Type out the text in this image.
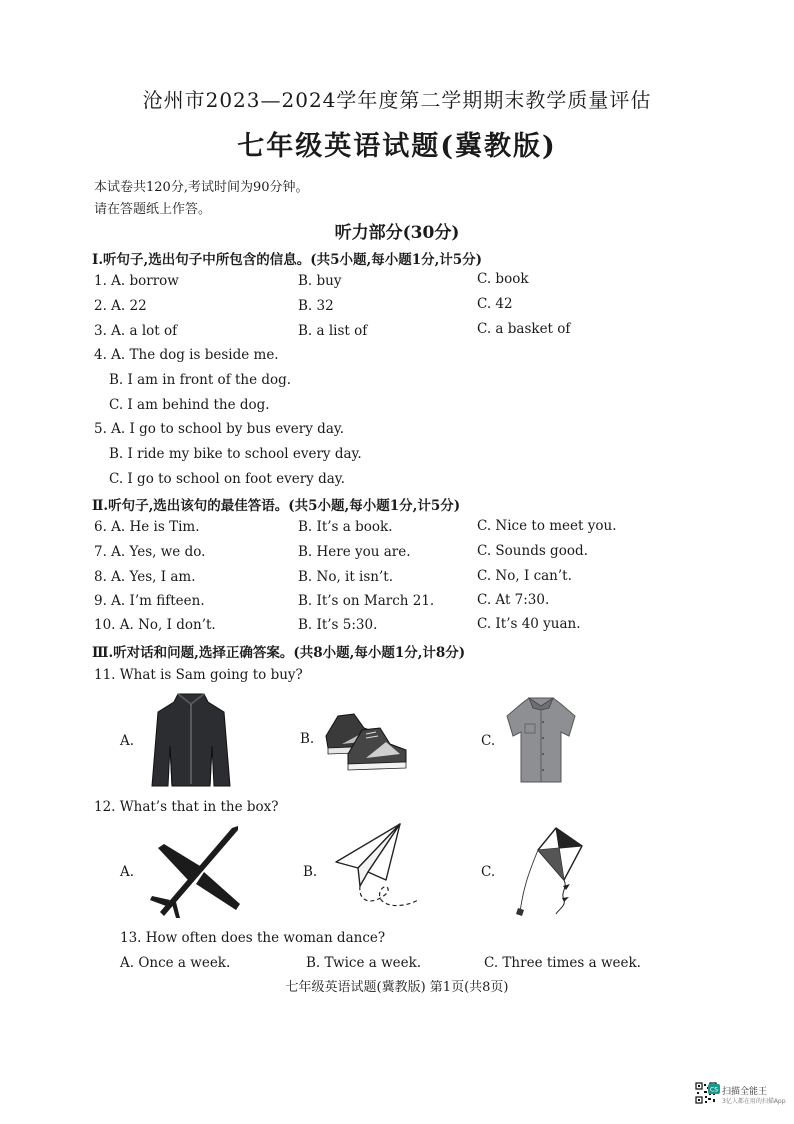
沧州市2023—2024学年度第二学期期末教学质量评估
七年级英语试题(冀教版)
本试卷共120分,考试时间为90分钟。
请在答题纸上作答。
听力部分(30分)
Ⅰ.听句子,选出句子中所包含的信息。(共5小题,每小题1分,计5分)
1. A. borrow	B. buy	C. book
2. A. 22	B. 32	C. 42
3. A. a lot of	B. a list of	C. a basket of
4. A. The dog is beside me.
B. I am in front of the dog.
C. I am behind the dog.
5. A. I go to school by bus every day.
B. I ride my bike to school every day.
C. I go to school on foot every day.
Ⅱ.听句子,选出该句的最佳答语。(共5小题,每小题1分,计5分)
6. A. He is Tim.	B. It’s a book.	C. Nice to meet you.
7. A. Yes, we do.	B. Here you are.	C. Sounds good.
8. A. Yes, I am.	B. No, it isn’t.	C. No, I can’t.
9. A. I’m fifteen.	B. It’s on March 21.	C. At 7:30.
10. A. No, I don’t.	B. It’s 5:30.	C. It’s 40 yuan.
Ⅲ.听对话和问题,选择正确答案。(共8小题,每小题1分,计8分)
11. What is Sam going to buy?
A.	B.	C.
12. What’s that in the box?
A.	B.	C.
13. How often does the woman dance?
A. Once a week.	B. Twice a week.	C. Three times a week.
七年级英语试题(冀教版) 第1页(共8页)
CS 扫描全能王
3亿人都在用的扫描App
